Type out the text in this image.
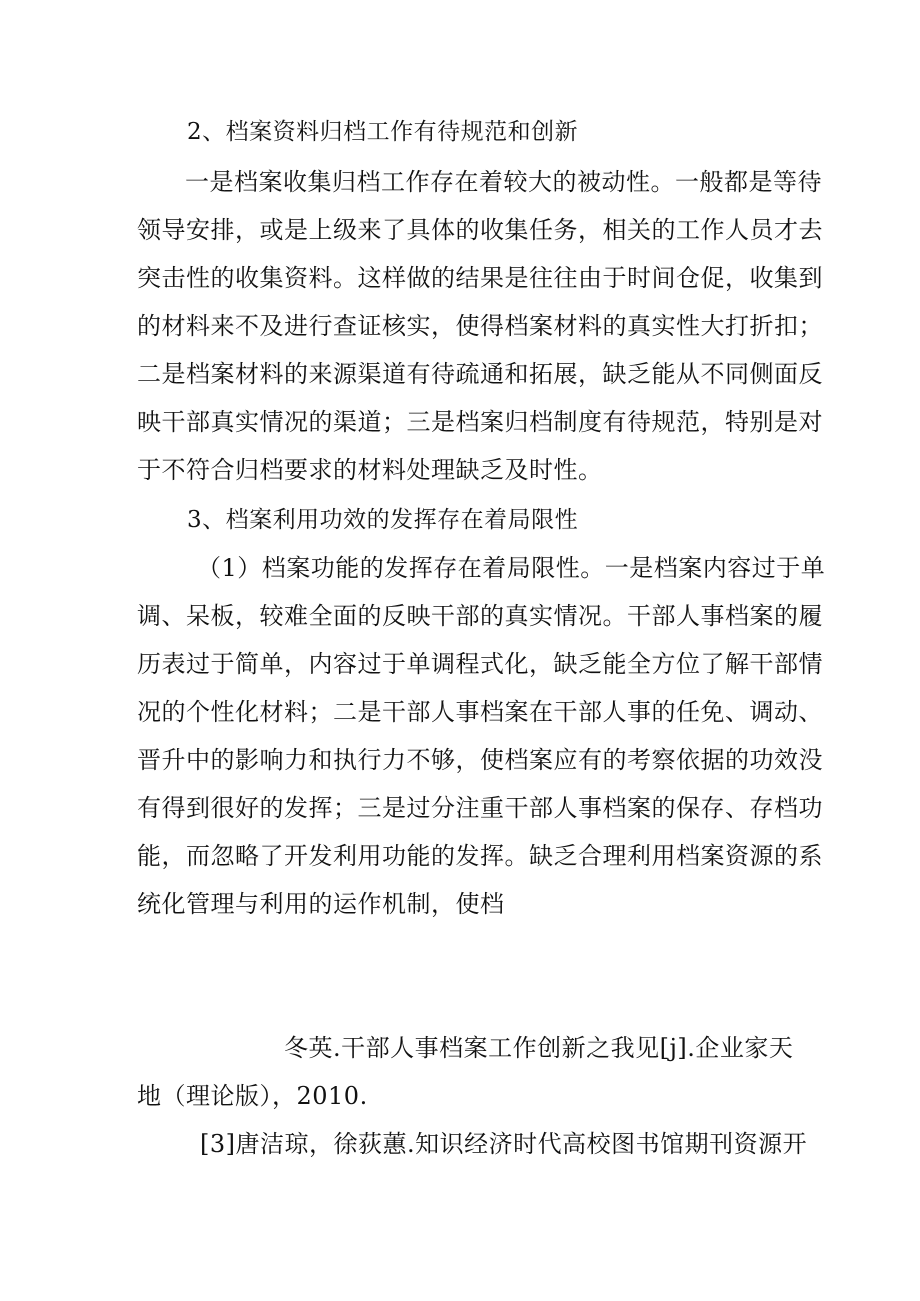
2、档案资料归档工作有待规范和创新
一是档案收集归档工作存在着较大的被动性。一般都是等待
领导安排，或是上级来了具体的收集任务，相关的工作人员才去
突击性的收集资料。这样做的结果是往往由于时间仓促，收集到
的材料来不及进行查证核实，使得档案材料的真实性大打折扣；
二是档案材料的来源渠道有待疏通和拓展，缺乏能从不同侧面反
映干部真实情况的渠道；三是档案归档制度有待规范，特别是对
于不符合归档要求的材料处理缺乏及时性。
3、档案利用功效的发挥存在着局限性
（1）档案功能的发挥存在着局限性。一是档案内容过于单
调、呆板，较难全面的反映干部的真实情况。干部人事档案的履
历表过于简单，内容过于单调程式化，缺乏能全方位了解干部情
况的个性化材料；二是干部人事档案在干部人事的任免、调动、
晋升中的影响力和执行力不够，使档案应有的考察依据的功效没
有得到很好的发挥；三是过分注重干部人事档案的保存、存档功
能，而忽略了开发利用功能的发挥。缺乏合理利用档案资源的系
统化管理与利用的运作机制，使档
冬英.干部人事档案工作创新之我见[j].企业家天
地（理论版），2010.
[3]唐洁琼，徐荻蕙.知识经济时代高校图书馆期刊资源开
